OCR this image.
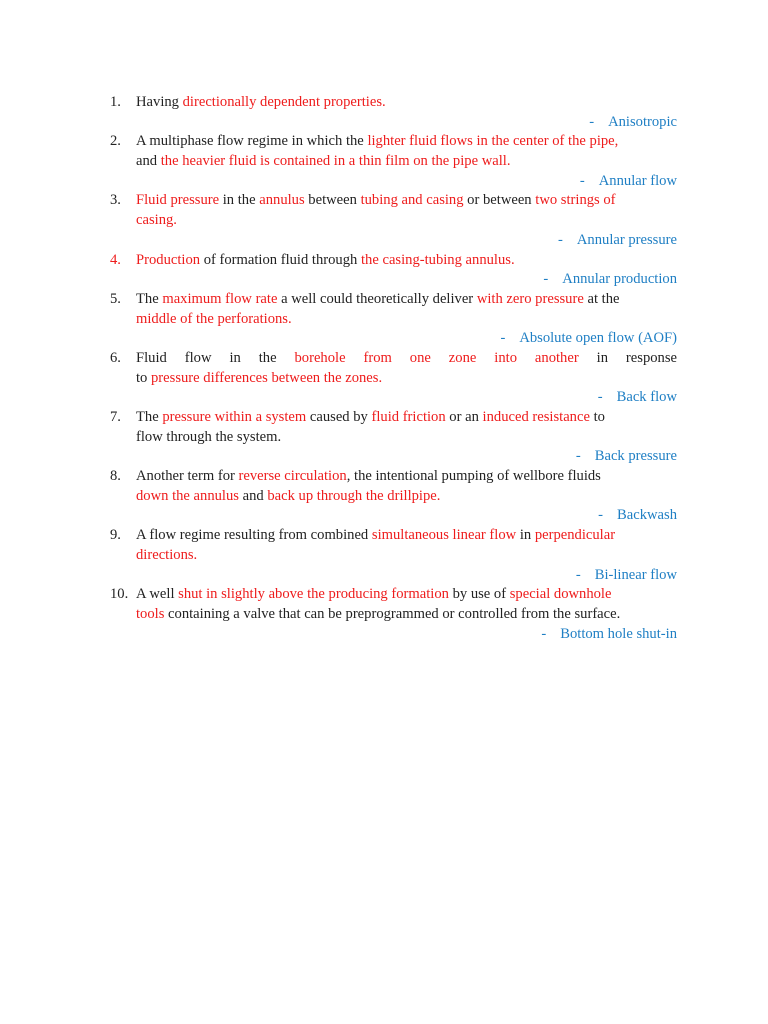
1. Having directionally dependent properties.
- Anisotropic
2. A multiphase flow regime in which the lighter fluid flows in the center of the pipe,
and the heavier fluid is contained in a thin film on the pipe wall.
- Annular flow
3. Fluid pressure in the annulus between tubing and casing or between two strings of
casing.
- Annular pressure
4. Production of formation fluid through the casing-tubing annulus.
- Annular production
5. The maximum flow rate a well could theoretically deliver with zero pressure at the
middle of the perforations.
- Absolute open flow (AOF)
6. Fluid flow in the borehole from one zone into another in response
to pressure differences between the zones.
- Back flow
7. The pressure within a system caused by fluid friction or an induced resistance to
flow through the system.
- Back pressure
8. Another term for reverse circulation, the intentional pumping of wellbore fluids
down the annulus and back up through the drillpipe.
- Backwash
9. A flow regime resulting from combined simultaneous linear flow in perpendicular
directions.
- Bi-linear flow
10. A well shut in slightly above the producing formation by use of special downhole
tools containing a valve that can be preprogrammed or controlled from the surface.
- Bottom hole shut-in
